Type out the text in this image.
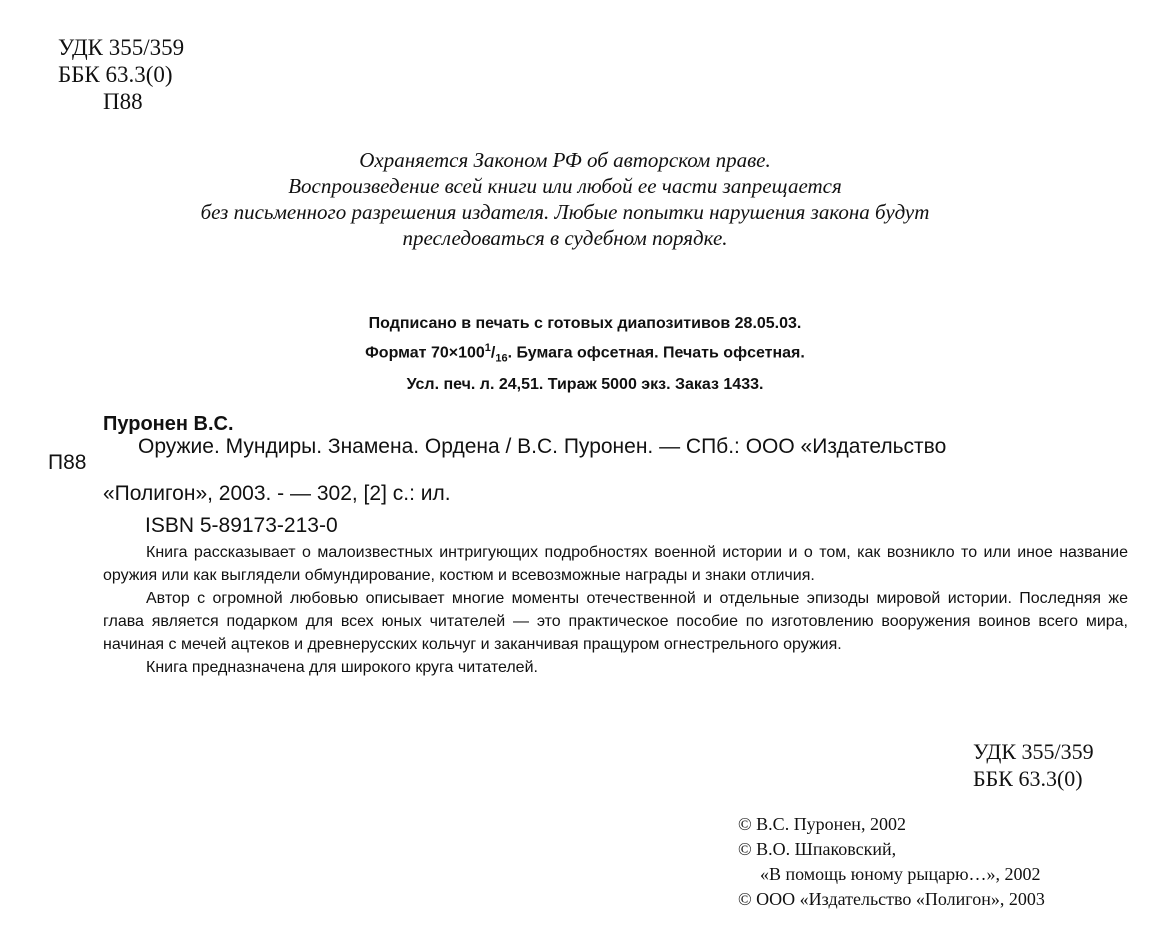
УДК 355/359
ББК 63.3(0)
П88
Охраняется Законом РФ об авторском праве.
Воспроизведение всей книги или любой ее части запрещается
без письменного разрешения издателя. Любые попытки нарушения закона будут
преследоваться в судебном порядке.
Подписано в печать с готовых диапозитивов 28.05.03.
Формат $70\times 100^1/_{16}$. Бумага офсетная. Печать офсетная.
Усл. печ. л. 24,51. Тираж 5000 экз. Заказ 1433.
Пуронен В.С.
П88
Оружие. Мундиры. Знамена. Ордена / В.С. Пуронен. — СПб.: ООО «Издательство
«Полигон», 2003. - — 302, [2] с.: ил.
ISBN 5-89173-213-0

Книга рассказывает о малоизвестных интригующих подробностях военной истории и о том, как возникло то или иное название оружия или как выглядели обмундирование, костюм и всевозможные награды и знаки отличия.

Автор с огромной любовью описывает многие моменты отечественной и отдельные эпизоды мировой истории. Последняя же глава является подарком для всех юных читателей — это практическое пособие по изготовлению вооружения воинов всего мира, начиная с мечей ацтеков и древнерусских кольчуг и заканчивая пращуром огнестрельного оружия.

Книга предназначена для широкого круга читателей.

УДК 355/359
ББК 63.3(0)
© В.С. Пуронен, 2002
© В.О. Шпаковский,
«В помощь юному рыцарю…», 2002
© ООО «Издательство «Полигон», 2003
